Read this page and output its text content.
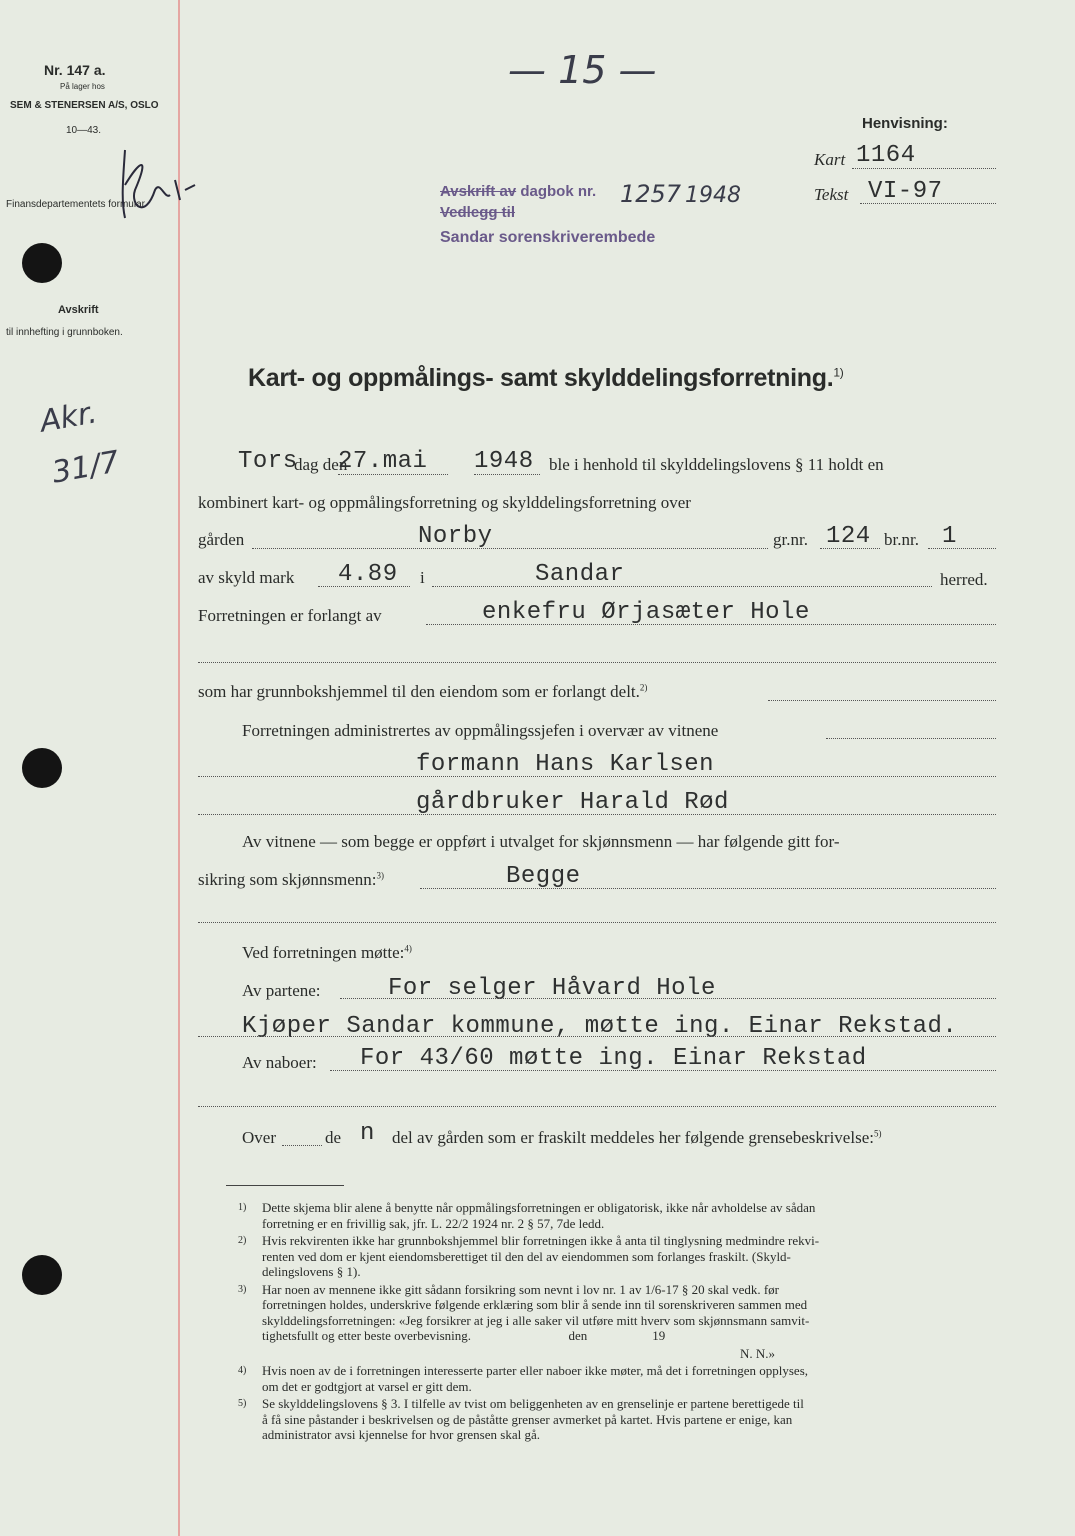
Nr. 147 a.
På lager hos
SEM & STENERSEN A/S, OSLO
10—43.
Finansdepartementets formular
Avskrift
til innhefting i grunnboken.
Akr.
31/7
— 15 —
Henvisning:
Kart 1164
Tekst VI-97
Avskrift av dagbok nr. 1257 1948
Vedlegg til
Sandar sorenskriverembede
Kart- og oppmålings- samt skylddelingsforretning.$^{1)}$
Tors
dag den
27.mai 1948 ble i henhold til skylddelingslovens § 11 holdt en
kombinert kart- og oppmålingsforretning og skylddelingsforretning over
gården	Norby	gr.nr. 124 br.nr. 1
av skyld mark 4.89 i	Sandar	herred.
Forretningen er forlangt av	enkefru Ørjasæter Hole
som har grunnbokshjemmel til den eiendom som er forlangt delt.$^{2)}$
Forretningen administrertes av oppmålingssjefen i overvær av vitnene
formann Hans Karlsen
gårdbruker Harald Rød
Av vitnene — som begge er oppført i utvalget for skjønnsmenn — har følgende gitt for-
sikring som skjønnsmenn:$^{3)}$	Begge
Ved forretningen møtte:$^{4)}$
Av partene:	For selger Håvard Hole
Kjøper Sandar kommune, møtte ing. Einar Rekstad.
Av naboer: For 43/60 møtte ing. Einar Rekstad
Over	de n del av gården som er fraskilt meddeles her følgende grensebeskrivelse:$^{5)}$
1) Dette skjema blir alene å benytte når oppmålingsforretningen er obligatorisk, ikke når avholdelse av sådan
forretning er en frivillig sak, jfr. L. 22/2 1924 nr. 2 § 57, 7de ledd.
2) Hvis rekvirenten ikke har grunnbokshjemmel blir forretningen ikke å anta til tinglysning medmindre rekvi-
renten ved dom er kjent eiendomsberettiget til den del av eiendommen som forlanges fraskilt. (Skyld-
delingslovens § 1).
3) Har noen av mennene ikke gitt sådann forsikring som nevnt i lov nr. 1 av 1/6-17 § 20 skal vedk. før
forretningen holdes, underskrive følgende erklæring som blir å sende inn til sorenskriveren sammen med
skylddelingsforretningen: «Jeg forsikrer at jeg i alle saker vil utføre mitt hverv som skjønnsmann samvit-
tighetsfullt og etter beste overbevisning.                              den                    19
N. N.»
4) Hvis noen av de i forretningen interesserte parter eller naboer ikke møter, må det i forretningen opplyses,
om det er godtgjort at varsel er gitt dem.
5) Se skylddelingslovens § 3. I tilfelle av tvist om beliggenheten av en grenselinje er partene berettigede til
å få sine påstander i beskrivelsen og de påståtte grenser avmerket på kartet. Hvis partene er enige, kan
administrator avsi kjennelse for hvor grensen skal gå.
